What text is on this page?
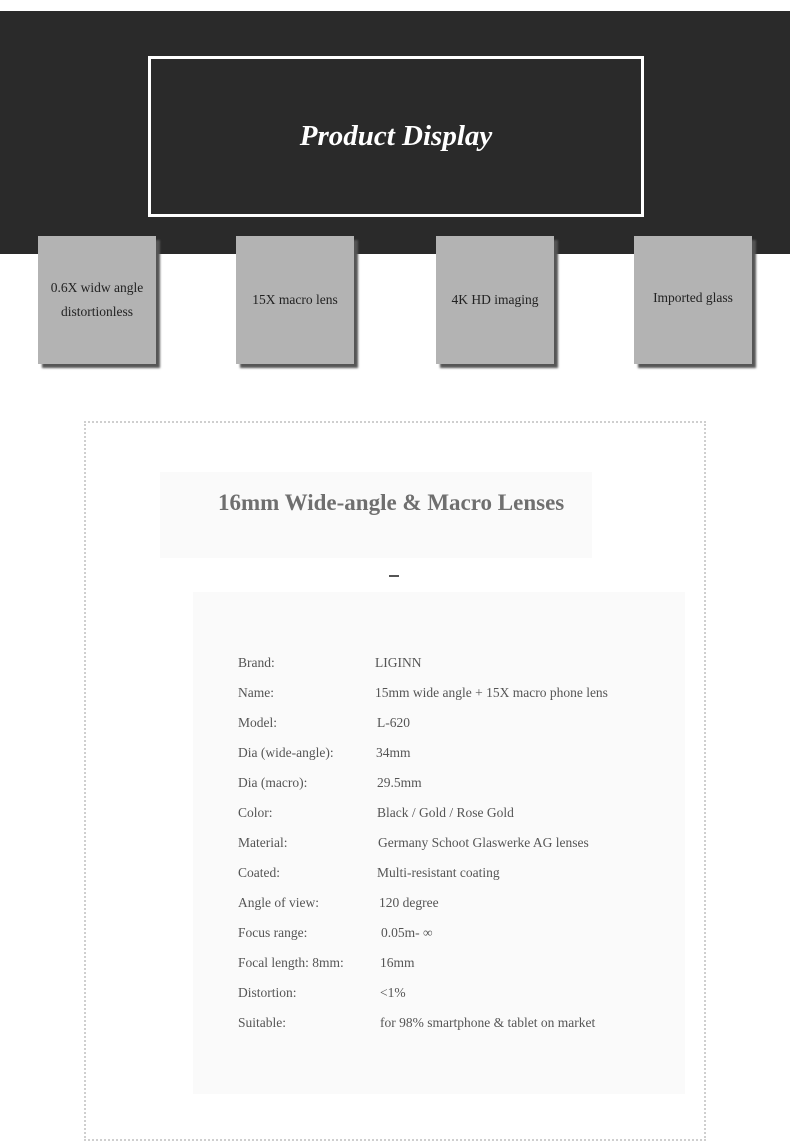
Product Display
0.6X widw angle
distortionless
15X macro lens	4K HD imaging	Imported glass
16mm Wide-angle & Macro Lenses
Brand:	LIGINN
Name:	15mm wide angle + 15X macro phone lens
Model:	L-620
Dia (wide-angle):	34mm
Dia (macro):	29.5mm
Color:	Black / Gold / Rose Gold
Material:	Germany Schoot Glaswerke AG lenses
Coated:	Multi-resistant coating
Angle of view:	120 degree
Focus range:	0.05m- ∞
Focal length: 8mm:	16mm
Distortion:	<1%
Suitable:	for 98% smartphone & tablet on market
